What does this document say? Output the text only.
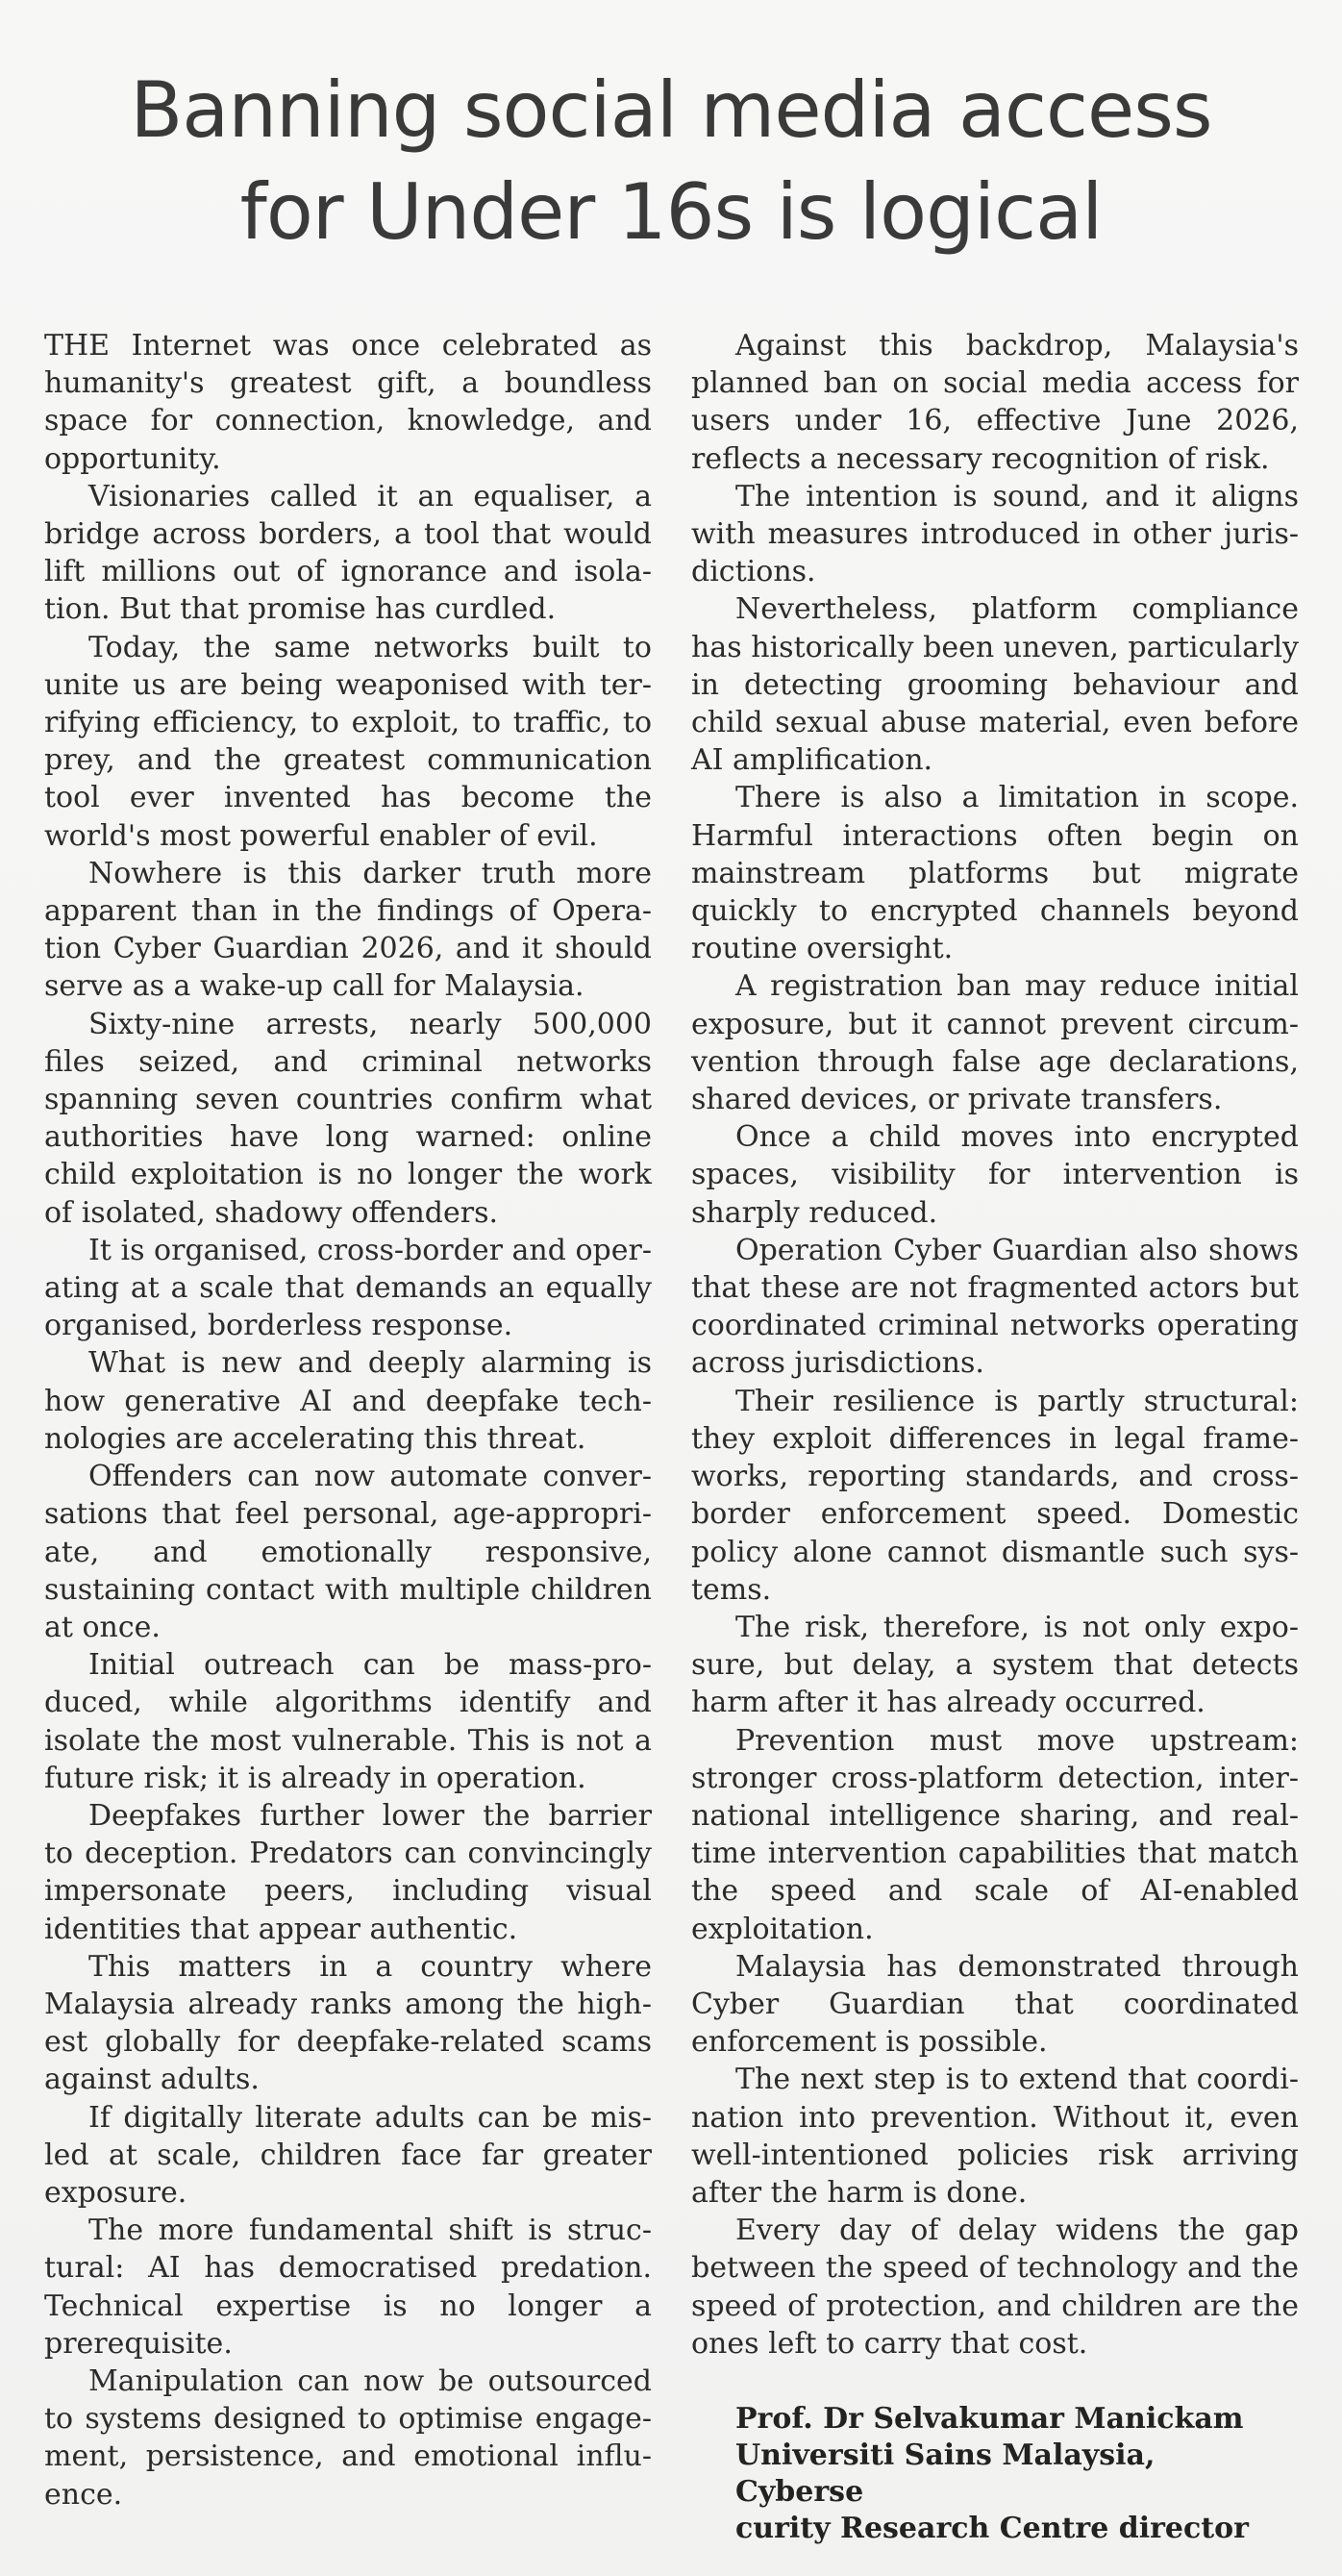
Banning social media access
for Under 16s is logical

THE Internet was once celebrated as humanity's greatest gift, a boundless space for connection, knowledge, and opportunity.

Visionaries called it an equaliser, a bridge across borders, a tool that would lift millions out of ignorance and isolation. But that promise has curdled.

Today, the same networks built to unite us are being weaponised with terrifying efficiency, to exploit, to traffic, to prey, and the greatest communication tool ever invented has become the world's most powerful enabler of evil.

Nowhere is this darker truth more apparent than in the findings of Operation Cyber Guardian 2026, and it should serve as a wake-up call for Malaysia.

Sixty-nine arrests, nearly 500,000 files seized, and criminal networks spanning seven countries confirm what authorities have long warned: online child exploitation is no longer the work of isolated, shadowy offenders.

It is organised, cross-border and operating at a scale that demands an equally organised, borderless response.

What is new and deeply alarming is how generative AI and deepfake technologies are accelerating this threat.

Offenders can now automate conversations that feel personal, age-appropriate, and emotionally responsive, sustaining contact with multiple children at once.

Initial outreach can be mass-produced, while algorithms identify and isolate the most vulnerable. This is not a future risk; it is already in operation.

Deepfakes further lower the barrier to deception. Predators can convincingly impersonate peers, including visual identities that appear authentic.

This matters in a country where Malaysia already ranks among the highest globally for deepfake-related scams against adults.

If digitally literate adults can be misled at scale, children face far greater exposure.

The more fundamental shift is structural: AI has democratised predation. Technical expertise is no longer a prerequisite.

Manipulation can now be outsourced to systems designed to optimise engagement, persistence, and emotional influence.

Against this backdrop, Malaysia's planned ban on social media access for users under 16, effective June 2026, reflects a necessary recognition of risk.

The intention is sound, and it aligns with measures introduced in other jurisdictions.

Nevertheless, platform compliance has historically been uneven, particularly in detecting grooming behaviour and child sexual abuse material, even before AI amplification.

There is also a limitation in scope. Harmful interactions often begin on mainstream platforms but migrate quickly to encrypted channels beyond routine oversight.

A registration ban may reduce initial exposure, but it cannot prevent circumvention through false age declarations, shared devices, or private transfers.

Once a child moves into encrypted spaces, visibility for intervention is sharply reduced.

Operation Cyber Guardian also shows that these are not fragmented actors but coordinated criminal networks operating across jurisdictions.

Their resilience is partly structural: they exploit differences in legal frameworks, reporting standards, and cross-border enforcement speed. Domestic policy alone cannot dismantle such systems.

The risk, therefore, is not only exposure, but delay, a system that detects harm after it has already occurred.

Prevention must move upstream: stronger cross-platform detection, international intelligence sharing, and real-time intervention capabilities that match the speed and scale of AI-enabled exploitation.

Malaysia has demonstrated through Cyber Guardian that coordinated enforcement is possible.

The next step is to extend that coordination into prevention. Without it, even well-intentioned policies risk arriving after the harm is done.

Every day of delay widens the gap between the speed of technology and the speed of protection, and children are the ones left to carry that cost.

Prof. Dr Selvakumar Manickam
Universiti Sains Malaysia, Cyberse
curity Research Centre director
